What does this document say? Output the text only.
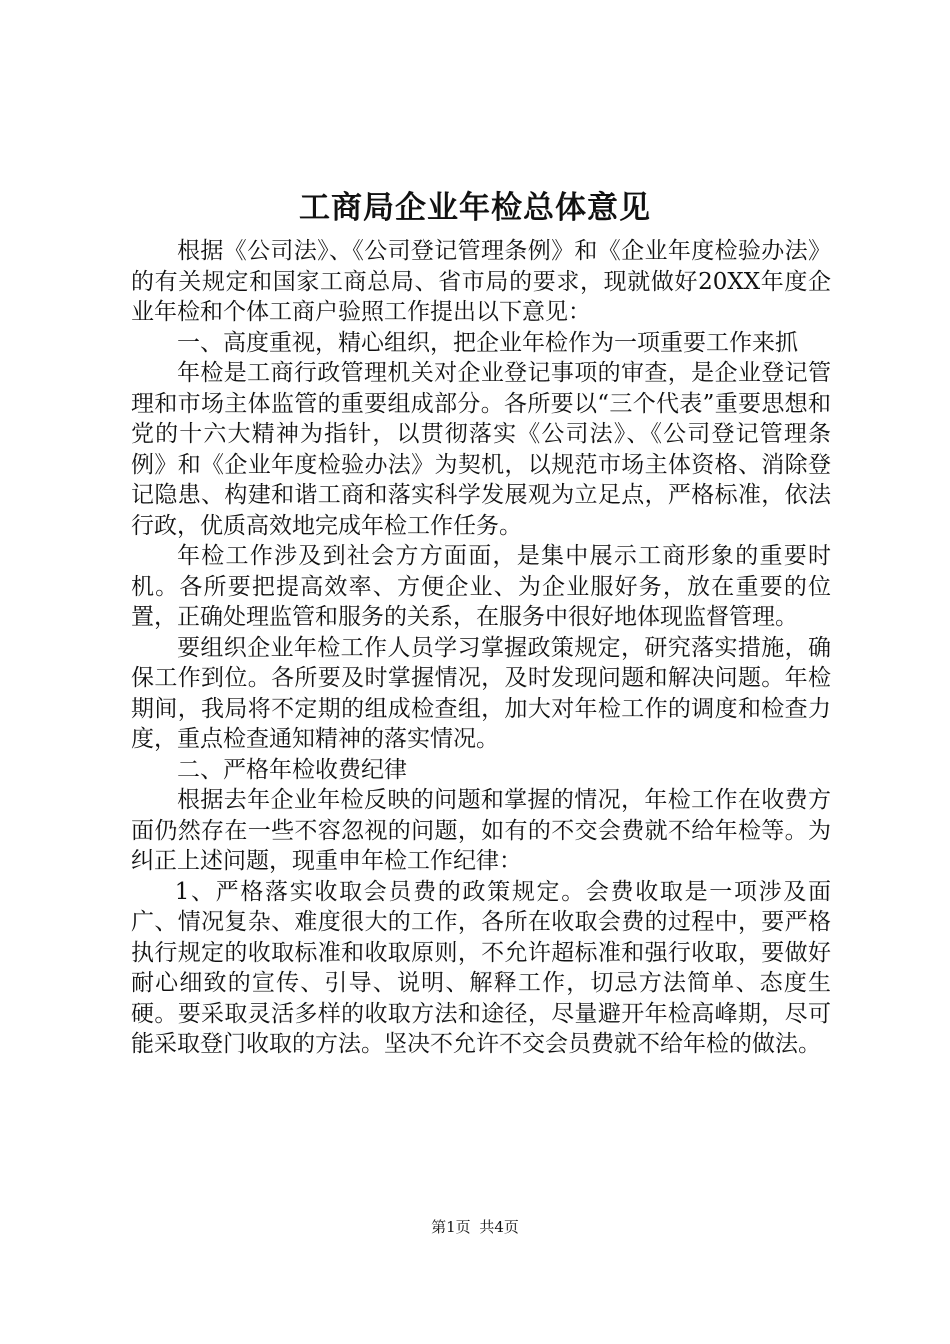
工商局企业年检总体意见

根据《公司法》、《公司登记管理条例》和《企业年度检验办法》的有关规定和国家工商总局、省市局的要求，现就做好20XX年度企业年检和个体工商户验照工作提出以下意见：

一、高度重视，精心组织，把企业年检作为一项重要工作来抓

年检是工商行政管理机关对企业登记事项的审查，是企业登记管理和市场主体监管的重要组成部分。各所要以“三个代表”重要思想和党的十六大精神为指针，以贯彻落实《公司法》、《公司登记管理条例》和《企业年度检验办法》为契机，以规范市场主体资格、消除登记隐患、构建和谐工商和落实科学发展观为立足点，严格标准，依法行政，优质高效地完成年检工作任务。

年检工作涉及到社会方方面面，是集中展示工商形象的重要时机。各所要把提高效率、方便企业、为企业服好务，放在重要的位置，正确处理监管和服务的关系，在服务中很好地体现监督管理。

要组织企业年检工作人员学习掌握政策规定，研究落实措施，确保工作到位。各所要及时掌握情况，及时发现问题和解决问题。年检期间，我局将不定期的组成检查组，加大对年检工作的调度和检查力度，重点检查通知精神的落实情况。

二、严格年检收费纪律

根据去年企业年检反映的问题和掌握的情况，年检工作在收费方面仍然存在一些不容忽视的问题，如有的不交会费就不给年检等。为纠正上述问题，现重申年检工作纪律：

1、严格落实收取会员费的政策规定。会费收取是一项涉及面广、情况复杂、难度很大的工作，各所在收取会费的过程中，要严格执行规定的收取标准和收取原则，不允许超标准和强行收取，要做好耐心细致的宣传、引导、说明、解释工作，切忌方法简单、态度生硬。要采取灵活多样的收取方法和途径，尽量避开年检高峰期，尽可能采取登门收取的方法。坚决不允许不交会员费就不给年检的做法。

第1页 共4页
